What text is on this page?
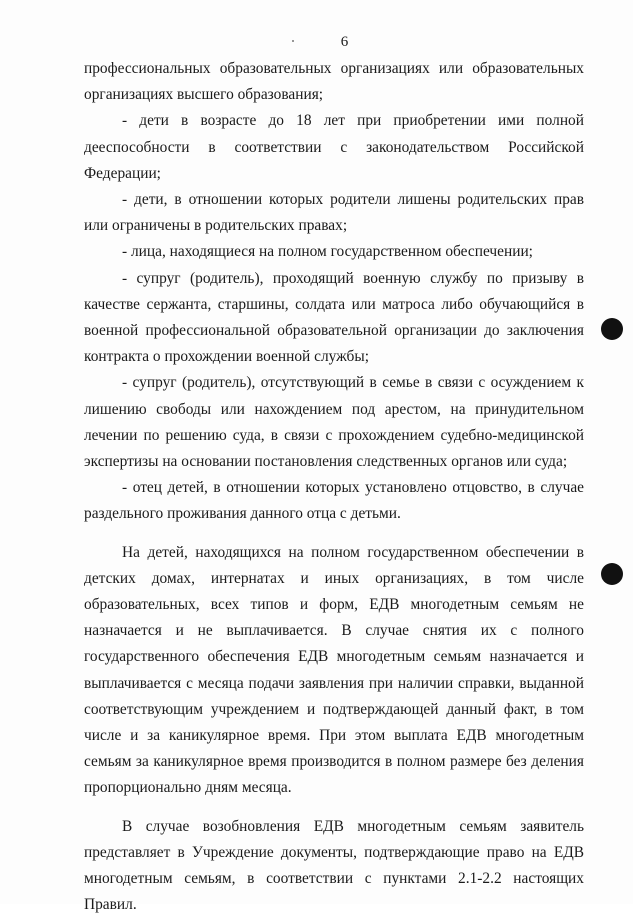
6

профессиональных образовательных организациях или образовательных организациях высшего образования;

- дети в возрасте до 18 лет при приобретении ими полной дееспособности в соответствии с законодательством Российской Федерации;

- дети, в отношении которых родители лишены родительских прав или ограничены в родительских правах;

- лица, находящиеся на полном государственном обеспечении;

- супруг (родитель), проходящий военную службу по призыву в качестве сержанта, старшины, солдата или матроса либо обучающийся в военной профессиональной образовательной организации до заключения контракта о прохождении военной службы;

- супруг (родитель), отсутствующий в семье в связи с осуждением к лишению свободы или нахождением под арестом, на принудительном лечении по решению суда, в связи с прохождением судебно-медицинской экспертизы на основании постановления следственных органов или суда;

- отец детей, в отношении которых установлено отцовство, в случае раздельного проживания данного отца с детьми.

На детей, находящихся на полном государственном обеспечении в детских домах, интернатах и иных организациях, в том числе образовательных, всех типов и форм, ЕДВ многодетным семьям не назначается и не выплачивается. В случае снятия их с полного государственного обеспечения ЕДВ многодетным семьям назначается и выплачивается с месяца подачи заявления при наличии справки, выданной соответствующим учреждением и подтверждающей данный факт, в том числе и за каникулярное время. При этом выплата ЕДВ многодетным семьям за каникулярное время производится в полном размере без деления пропорционально дням месяца.

В случае возобновления ЕДВ многодетным семьям заявитель представляет в Учреждение документы, подтверждающие право на ЕДВ многодетным семьям, в соответствии с пунктами 2.1-2.2 настоящих Правил.
